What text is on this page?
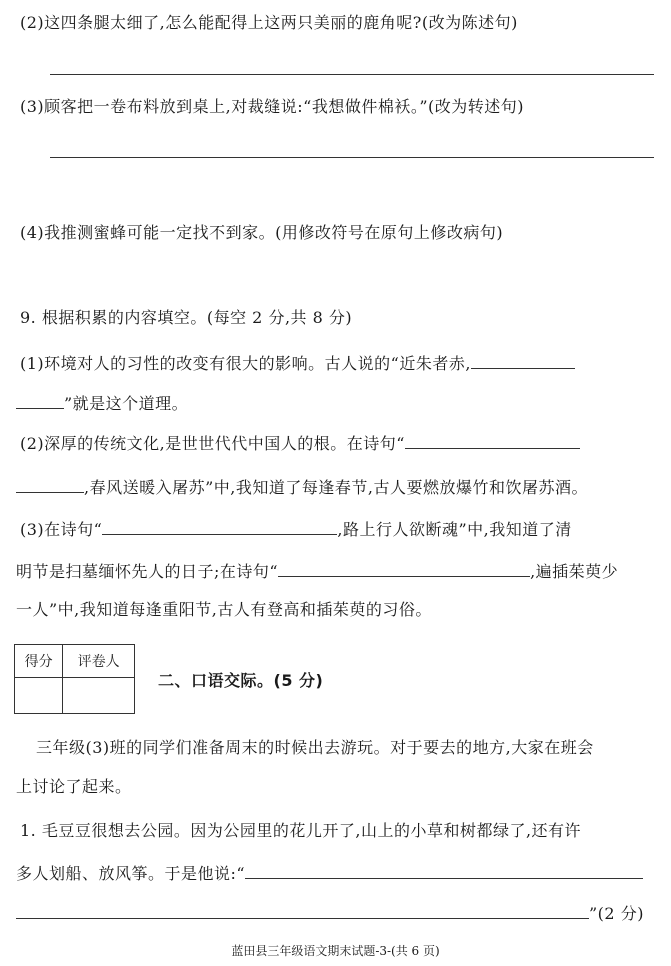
(2)这四条腿太细了,怎么能配得上这两只美丽的鹿角呢?(改为陈述句)
(3)顾客把一卷布料放到桌上,对裁缝说:“我想做件棉袄。”(改为转述句)
(4)我推测蜜蜂可能一定找不到家。(用修改符号在原句上修改病句)
9. 根据积累的内容填空。(每空 2 分,共 8 分)
(1)环境对人的习性的改变有很大的影响。古人说的“近朱者赤,
”就是这个道理。
(2)深厚的传统文化,是世世代代中国人的根。在诗句“
,春风送暖入屠苏”中,我知道了每逢春节,古人要燃放爆竹和饮屠苏酒。
(3)在诗句“	,路上行人欲断魂”中,我知道了清
明节是扫墓缅怀先人的日子;在诗句“	,遍插茱萸少
一人”中,我知道每逢重阳节,古人有登高和插茱萸的习俗。
得分	评卷人

二、口语交际。(5 分)
三年级(3)班的同学们准备周末的时候出去游玩。对于要去的地方,大家在班会
上讨论了起来。
1. 毛豆豆很想去公园。因为公园里的花儿开了,山上的小草和树都绿了,还有许
多人划船、放风筝。于是他说:“
”(2 分)
蓝田县三年级语文期末试题-3-(共 6 页)
